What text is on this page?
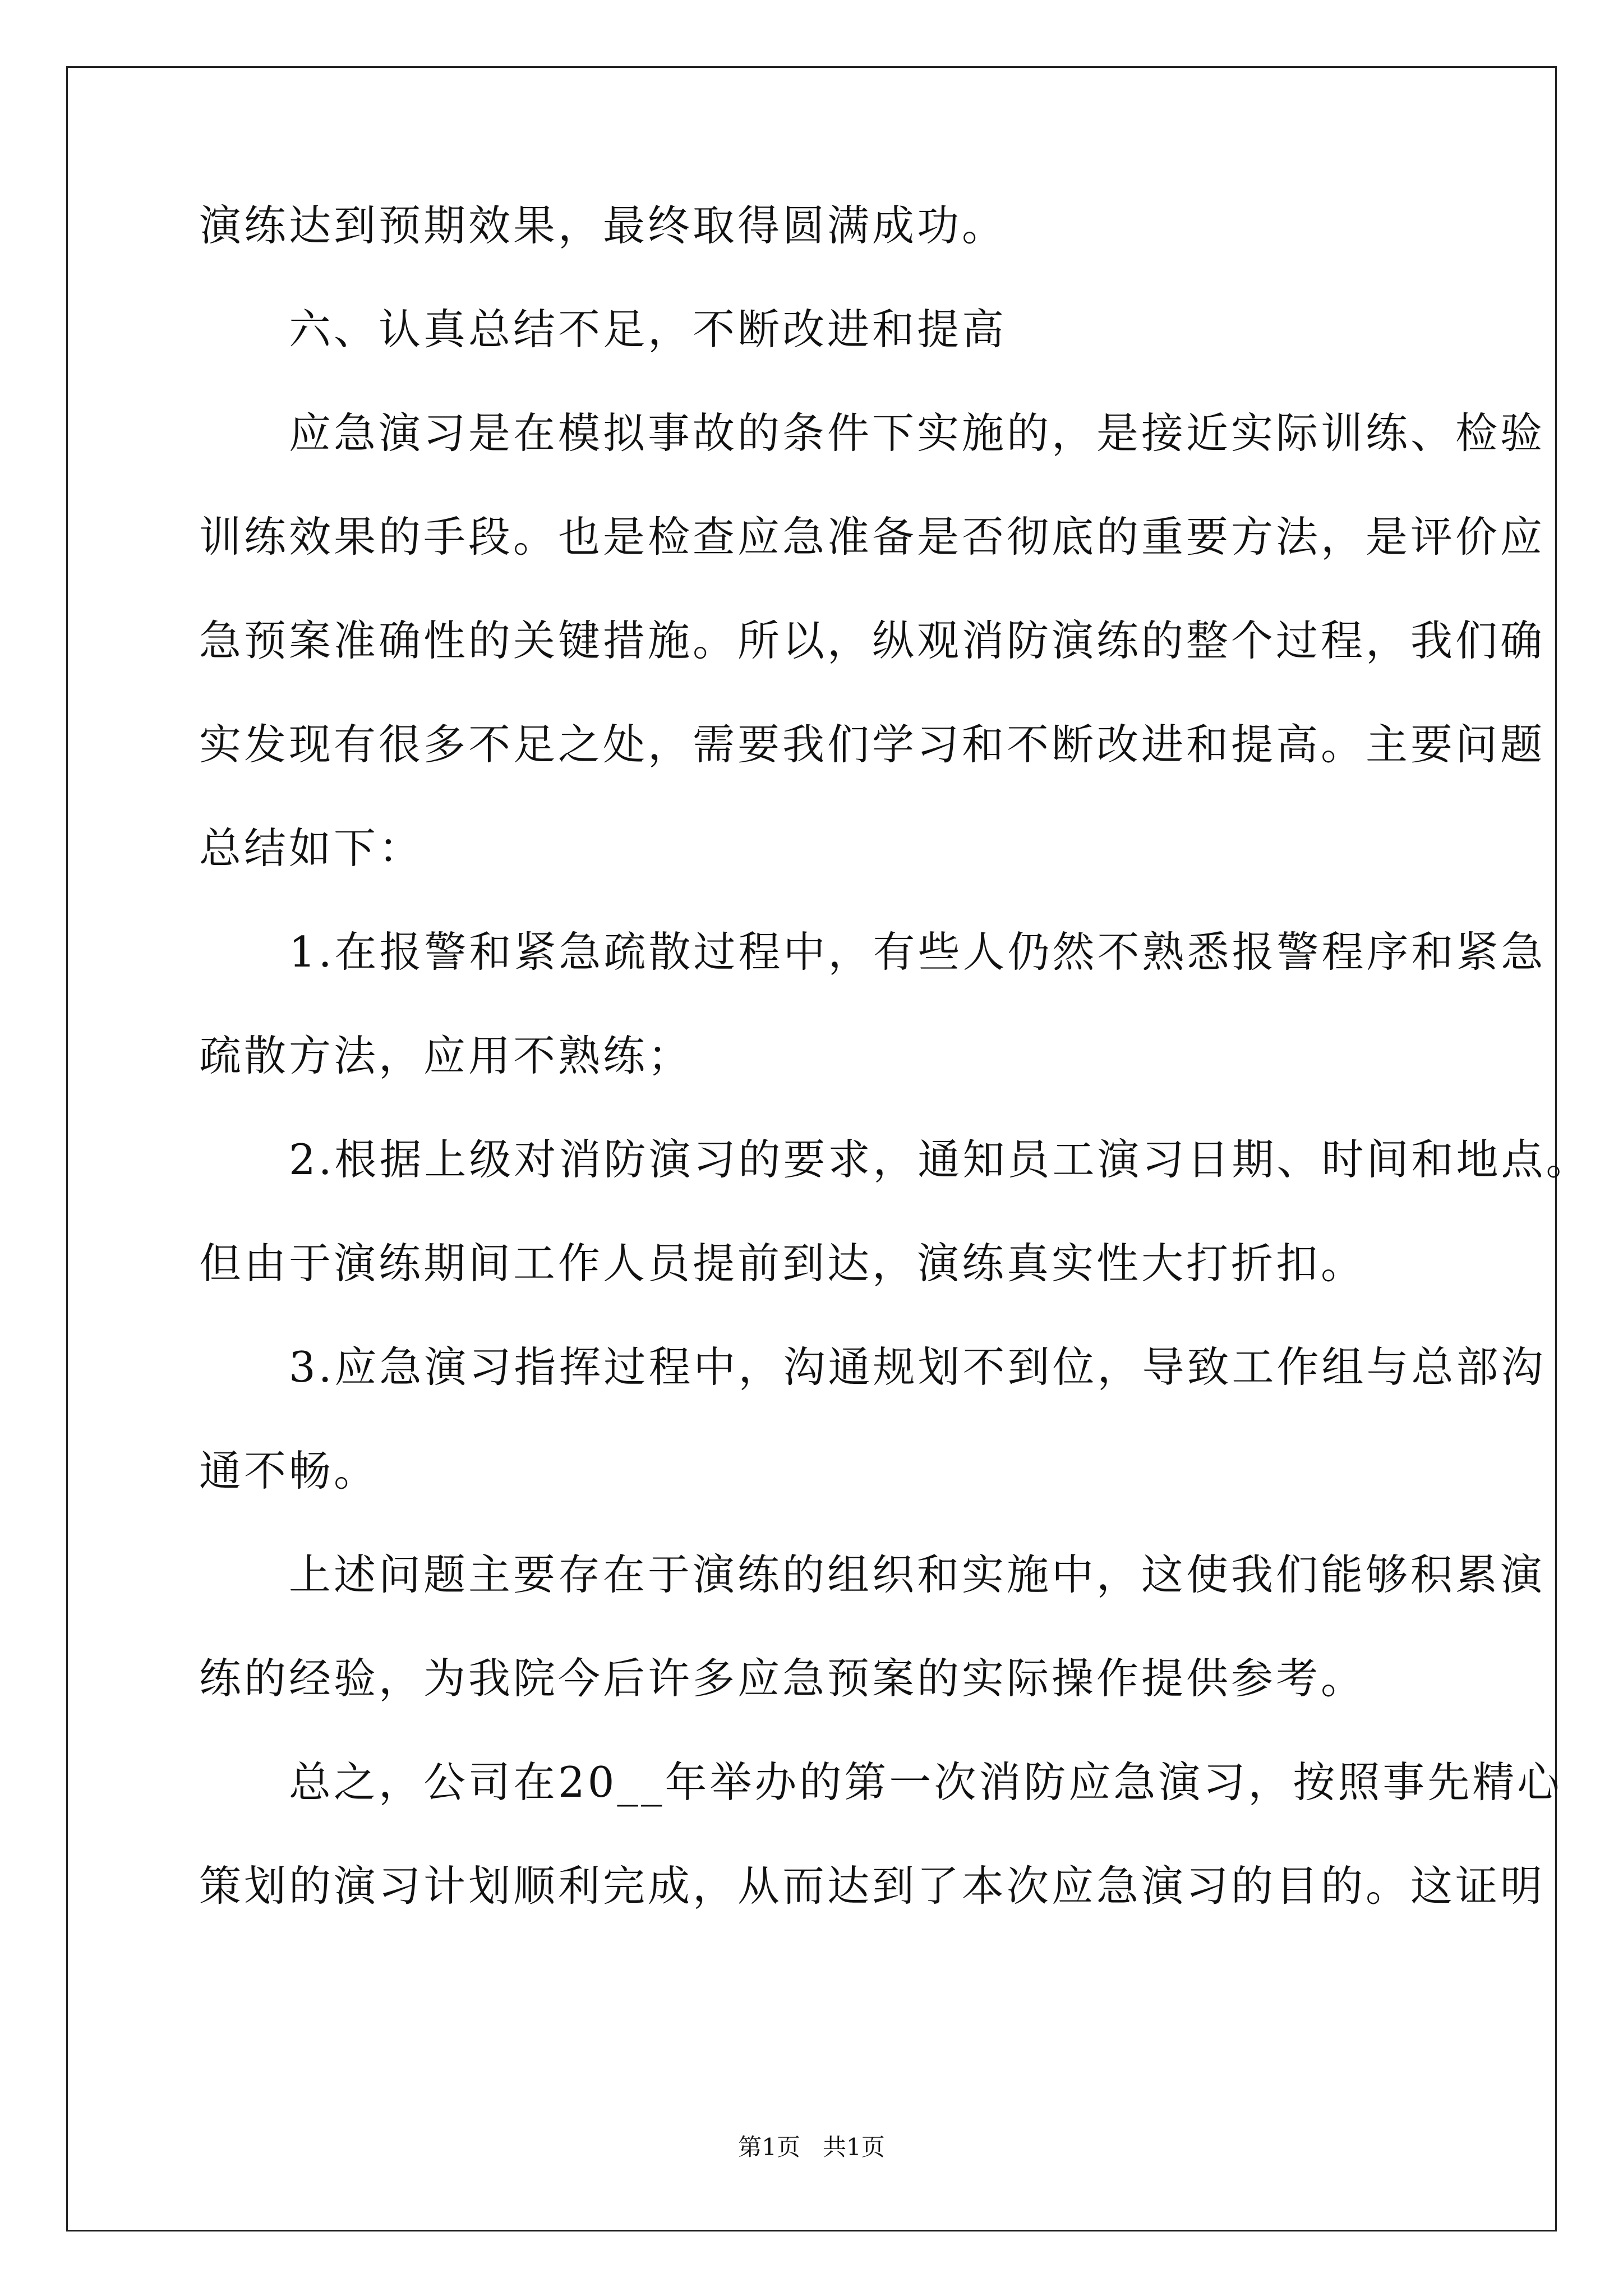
演练达到预期效果，最终取得圆满成功。
　　六、认真总结不足，不断改进和提高
　　应急演习是在模拟事故的条件下实施的，是接近实际训练、检验
训练效果的手段。也是检查应急准备是否彻底的重要方法，是评价应
急预案准确性的关键措施。所以，纵观消防演练的整个过程，我们确
实发现有很多不足之处，需要我们学习和不断改进和提高。主要问题
总结如下：
　　1.在报警和紧急疏散过程中，有些人仍然不熟悉报警程序和紧急
疏散方法，应用不熟练；
　　2.根据上级对消防演习的要求，通知员工演习日期、时间和地点。
但由于演练期间工作人员提前到达，演练真实性大打折扣。
　　3.应急演习指挥过程中，沟通规划不到位，导致工作组与总部沟
通不畅。
　　上述问题主要存在于演练的组织和实施中，这使我们能够积累演
练的经验，为我院今后许多应急预案的实际操作提供参考。
　　总之，公司在20__年举办的第一次消防应急演习，按照事先精心
策划的演习计划顺利完成，从而达到了本次应急演习的目的。这证明
第1页   共1页
